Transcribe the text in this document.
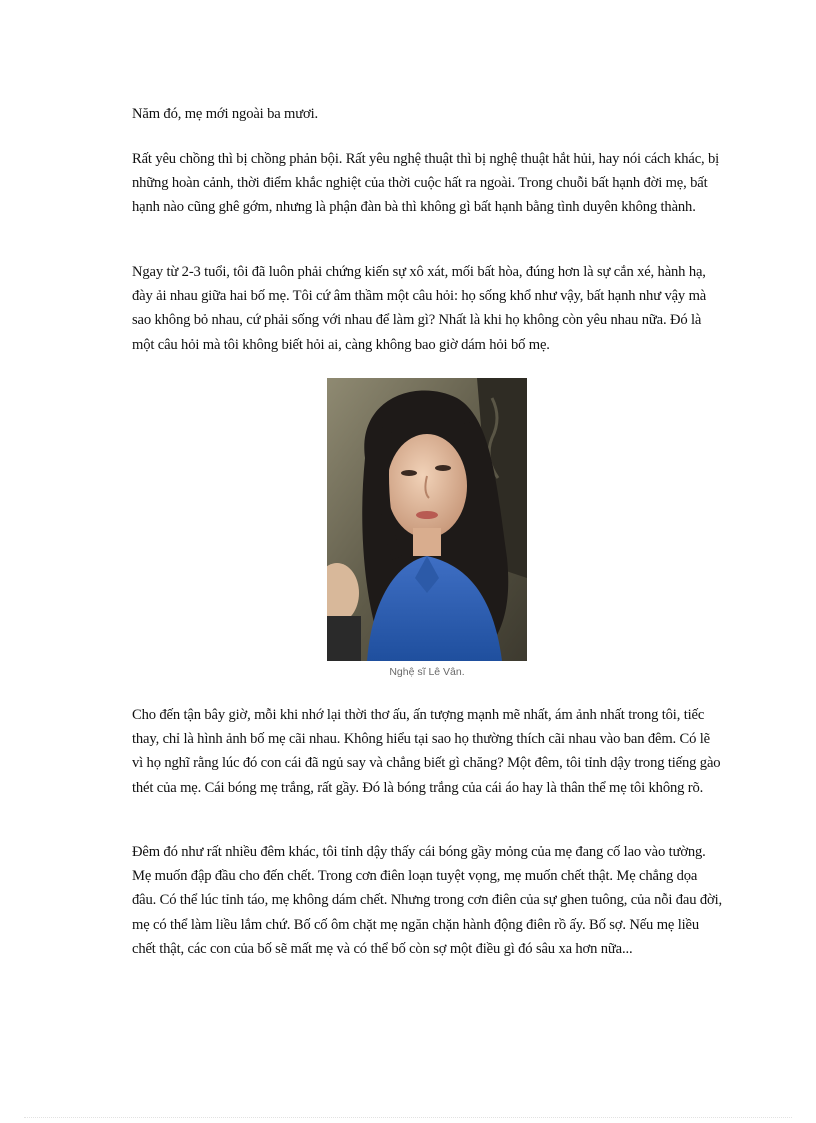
Năm đó, mẹ mới ngoài ba mươi.

Rất yêu chồng thì bị chồng phản bội. Rất yêu nghệ thuật thì bị nghệ thuật hắt hủi, hay nói cách khác, bị những hoàn cảnh, thời điểm khắc nghiệt của thời cuộc hất ra ngoài. Trong chuỗi bất hạnh đời mẹ, bất hạnh nào cũng ghê gớm, nhưng là phận đàn bà thì không gì bất hạnh bằng tình duyên không thành.

Ngay từ 2-3 tuổi, tôi đã luôn phải chứng kiến sự xô xát, mối bất hòa, đúng hơn là sự cắn xé, hành hạ, đày ải nhau giữa hai bố mẹ. Tôi cứ âm thầm một câu hỏi: họ sống khổ như vậy, bất hạnh như vậy mà sao không bỏ nhau, cứ phải sống với nhau để làm gì? Nhất là khi họ không còn yêu nhau nữa. Đó là một câu hỏi mà tôi không biết hỏi ai, càng không bao giờ dám hỏi bố mẹ.

Nghệ sĩ Lê Vân.

Cho đến tận bây giờ, mỗi khi nhớ lại thời thơ ấu, ấn tượng mạnh mẽ nhất, ám ảnh nhất trong tôi, tiếc thay, chỉ là hình ảnh bố mẹ cãi nhau. Không hiểu tại sao họ thường thích cãi nhau vào ban đêm. Có lẽ vì họ nghĩ rằng lúc đó con cái đã ngủ say và chẳng biết gì chăng? Một đêm, tôi tỉnh dậy trong tiếng gào thét của mẹ. Cái bóng mẹ trắng, rất gầy. Đó là bóng trắng của cái áo hay là thân thể mẹ tôi không rõ.

Đêm đó như rất nhiều đêm khác, tôi tỉnh dậy thấy cái bóng gầy mỏng của mẹ đang cố lao vào tường. Mẹ muốn đập đầu cho đến chết. Trong cơn điên loạn tuyệt vọng, mẹ muốn chết thật. Mẹ chẳng dọa đâu. Có thể lúc tỉnh táo, mẹ không dám chết. Nhưng trong cơn điên của sự ghen tuông, của nỗi đau đời, mẹ có thể làm liều lắm chứ. Bố cố ôm chặt mẹ ngăn chặn hành động điên rồ ấy. Bố sợ. Nếu mẹ liều chết thật, các con của bố sẽ mất mẹ và có thể bố còn sợ một điều gì đó sâu xa hơn nữa...
